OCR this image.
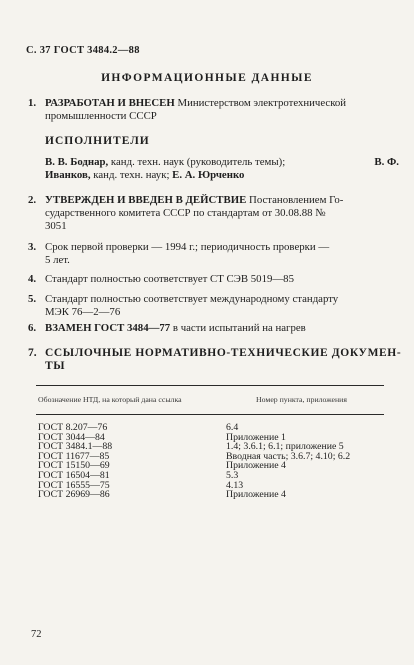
С. 37 ГОСТ 3484.2—88
ИНФОРМАЦИОННЫЕ ДАННЫЕ
1. РАЗРАБОТАН И ВНЕСЕН Министерством электротехнической
промышленности СССР
ИСПОЛНИТЕЛИ
В. В. Боднар, канд. техн. наук (руководитель темы);	В. Ф.
Иванков, канд. техн. наук; Е. А. Юрченко
2. УТВЕРЖДЕН И ВВЕДЕН В ДЕЙСТВИЕ Постановлением Го-
сударственного комитета СССР по стандартам от 30.08.88 №
3051
3. Срок первой проверки — 1994 г.; периодичность проверки —
5 лет.
4. Стандарт полностью соответствует СТ СЭВ 5019—85
5. Стандарт полностью соответствует международному стандарту
МЭК 76—2—76
6. ВЗАМЕН ГОСТ 3484—77 в части испытаний на нагрев
7. ССЫЛОЧНЫЕ НОРМАТИВНО-ТЕХНИЧЕСКИЕ ДОКУМЕН-
ТЫ
Обозначение НТД, на который дана ссылка	Номер пункта, приложения
ГОСТ 8.207—76	6.4
ГОСТ 3044—84	Приложение 1
ГОСТ 3484.1—88	1.4; 3.6.1; 6.1; приложение 5
ГОСТ 11677—85	Вводная часть; 3.6.7; 4.10; 6.2
ГОСТ 15150—69	Приложение 4
ГОСТ 16504—81	5.3
ГОСТ 16555—75	4.13
ГОСТ 26969—86	Приложение 4
72
